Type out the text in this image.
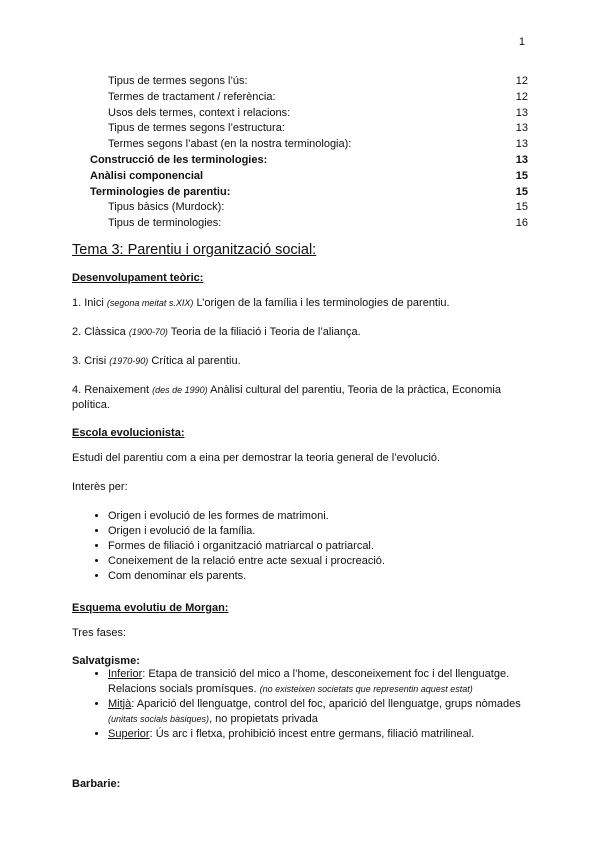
1
Tipus de termes segons l’ús:	12
Termes de tractament / referència:	12
Usos dels termes, context i relacions:	13
Tipus de termes segons l’estructura:	13
Termes segons l’abast (en la nostra terminologia):	13
Construcció de les terminologies:	13
Anàlisi componencial	15
Terminologies de parentiu:	15
Tipus bàsics (Murdock):	15
Tipus de terminologies:	16
Tema 3: Parentiu i organització social:
Desenvolupament teòric:

1. Inici (segona meitat s.XIX) L’origen de la família i les terminologies de parentiu.

2. Clàssica (1900-70) Teoria de la filiació i Teoria de l’aliança.

3. Crisi (1970-90) Crítica al parentiu.

4. Renaixement (des de 1990) Anàlisi cultural del parentiu, Teoria de la pràctica, Economia política.

Escola evolucionista:

Estudi del parentiu com a eina per demostrar la teoria general de l’evolució.

Interès per:

• Origen i evolució de les formes de matrimoni.
• Origen i evolució de la família.
• Formes de filiació i organització matriarcal o patriarcal.
• Coneixement de la relació entre acte sexual i procreació.
• Com denominar els parents.
Esquema evolutiu de Morgan:

Tres fases:

Salvatgisme:
• Inferior: Etapa de transició del mico a l’home, desconeixement foc i del llenguatge. Relacions socials promísques. (no existeixen societats que representin aquest estat)
• Mitjà: Aparició del llenguatge, control del foc, aparició del llenguatge, grups nòmades (unitats socials bàsiques), no propietats privada
• Superior: Ús arc i fletxa, prohibició incest entre germans, filiació matrilineal.
Barbarie:
